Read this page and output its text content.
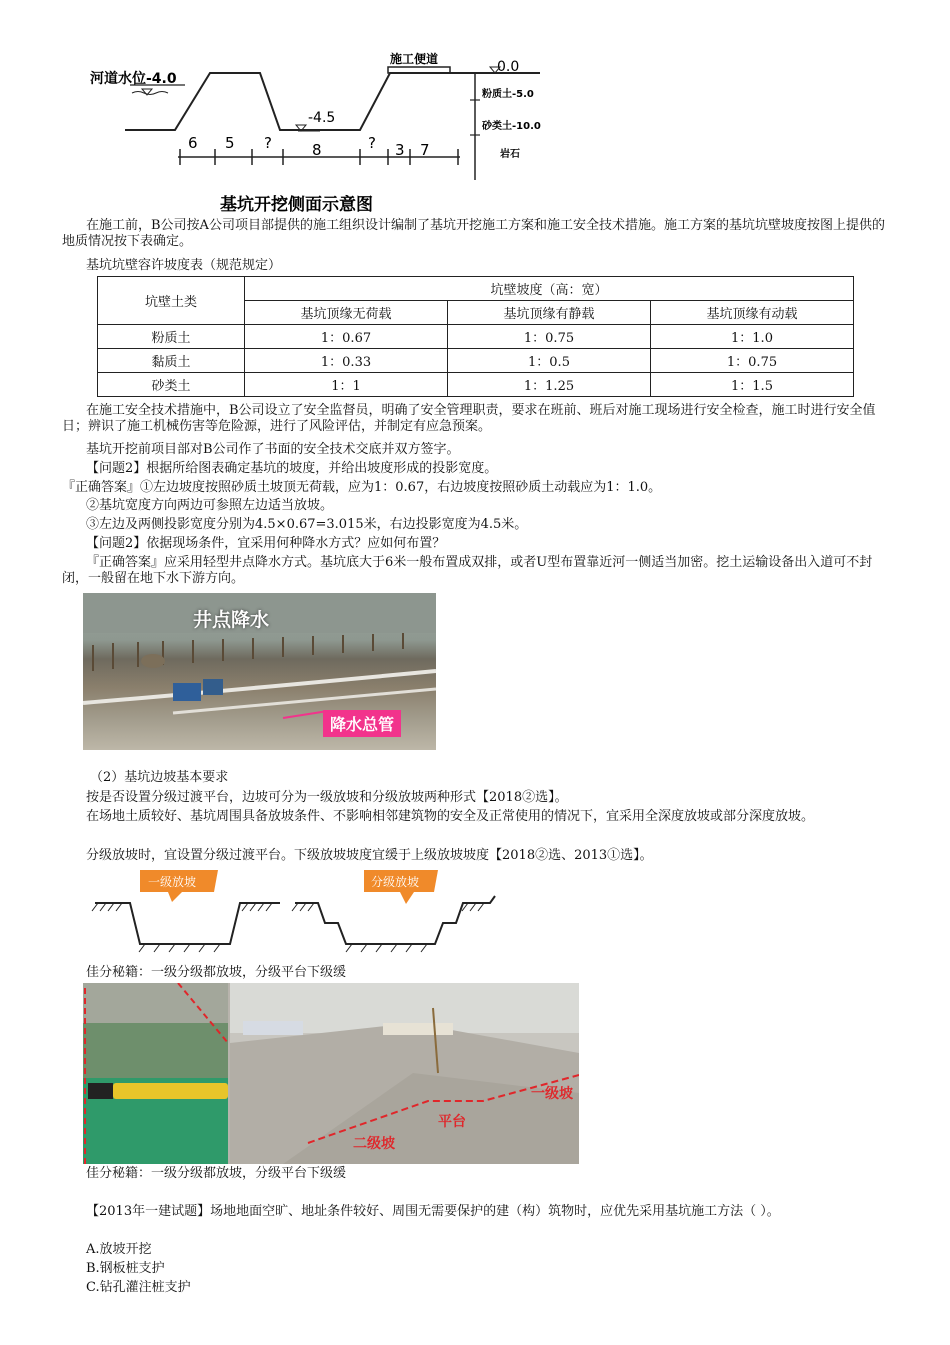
河道水位-4.0
施工便道
-4.5
0.0
粉质土-5.0
砂类土-10.0
岩石
6 5 ?	8	? 3 7
基坑开挖侧面示意图
在施工前，B公司按A公司项目部提供的施工组织设计编制了基坑开挖施工方案和施工安全技术措施。施工方案的基坑坑壁坡度按图上提供的地质情况按下表确定。
基坑坑壁容许坡度表（规范规定）
坑壁土类	坑壁坡度（高：宽）		
	基坑顶缘无荷载	基坑顶缘有静载	基坑顶缘有动载
粉质土	1：0.67	1：0.75	1：1.0
黏质土	1：0.33	1：0.5	1：0.75
砂类土	1：1	1：1.25	1：1.5
在施工安全技术措施中，B公司设立了安全监督员，明确了安全管理职责，要求在班前、班后对施工现场进行安全检查，施工时进行安全值日；辨识了施工机械伤害等危险源，进行了风险评估，并制定有应急预案。
基坑开挖前项目部对B公司作了书面的安全技术交底并双方签字。
【问题2】根据所给图表确定基坑的坡度，并给出坡度形成的投影宽度。
『正确答案』①左边坡度按照砂质土坡顶无荷载，应为1：0.67，右边坡度按照砂质土动载应为1：1.0。
②基坑宽度方向两边可参照左边适当放坡。
③左边及两侧投影宽度分别为4.5×0.67=3.015米，右边投影宽度为4.5米。
【问题2】依据现场条件，宜采用何种降水方式？应如何布置？
『正确答案』应采用轻型井点降水方式。基坑底大于6米一般布置成双排，或者U型布置靠近河一侧适当加密。挖土运输设备出入道可不封闭，一般留在地下水下游方向。
井点降水
降水总管
（2）基坑边坡基本要求
按是否设置分级过渡平台，边坡可分为一级放坡和分级放坡两种形式【2018②选】。
在场地土质较好、基坑周围具备放坡条件、不影响相邻建筑物的安全及正常使用的情况下，宜采用全深度放坡或部分深度放坡。
分级放坡时，宜设置分级过渡平台。下级放坡坡度宜缓于上级放坡坡度【2018②选、2013①选】。
一级放坡	分级放坡
佳分秘籍：一级分级都放坡，分级平台下级缓
一级坡
平台
二级坡
佳分秘籍：一级分级都放坡，分级平台下级缓
【2013年一建试题】场地地面空旷、地址条件较好、周围无需要保护的建（构）筑物时，应优先采用基坑施工方法（ ）。
A.放坡开挖
B.钢板桩支护
C.钻孔灌注桩支护
